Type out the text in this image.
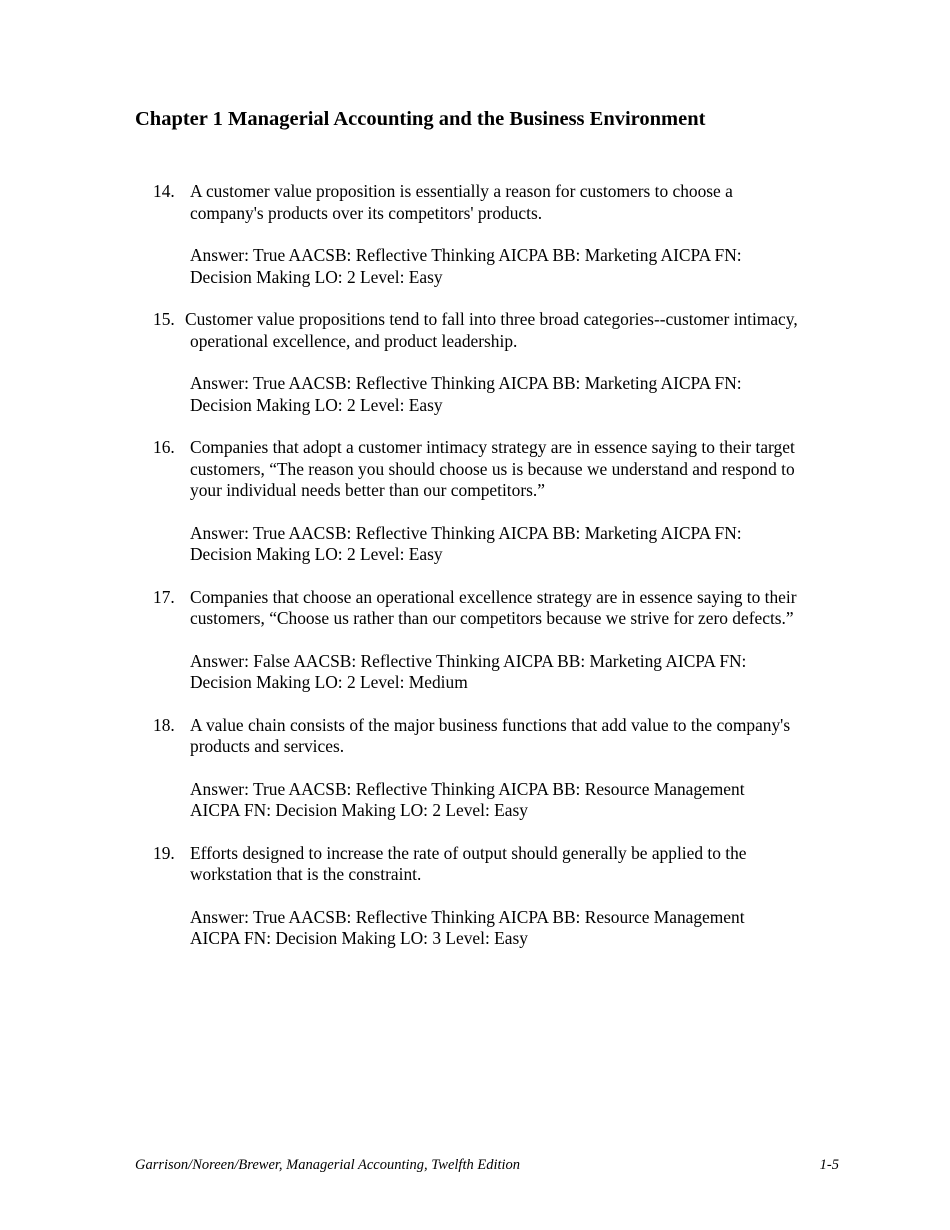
Chapter 1 Managerial Accounting and the Business Environment
14. A customer value proposition is essentially a reason for customers to choose a
company's products over its competitors' products.
Answer: True AACSB: Reflective Thinking AICPA BB: Marketing AICPA FN:
Decision Making LO: 2 Level: Easy
15. Customer value propositions tend to fall into three broad categories--customer intimacy,
operational excellence, and product leadership.
Answer: True AACSB: Reflective Thinking AICPA BB: Marketing AICPA FN:
Decision Making LO: 2 Level: Easy
16. Companies that adopt a customer intimacy strategy are in essence saying to their target
customers, “The reason you should choose us is because we understand and respond to
your individual needs better than our competitors.”
Answer: True AACSB: Reflective Thinking AICPA BB: Marketing AICPA FN:
Decision Making LO: 2 Level: Easy
17. Companies that choose an operational excellence strategy are in essence saying to their
customers, “Choose us rather than our competitors because we strive for zero defects.”
Answer: False AACSB: Reflective Thinking AICPA BB: Marketing AICPA FN:
Decision Making LO: 2 Level: Medium
18. A value chain consists of the major business functions that add value to the company's
products and services.
Answer: True AACSB: Reflective Thinking AICPA BB: Resource Management
AICPA FN: Decision Making LO: 2 Level: Easy
19. Efforts designed to increase the rate of output should generally be applied to the
workstation that is the constraint.
Answer: True AACSB: Reflective Thinking AICPA BB: Resource Management
AICPA FN: Decision Making LO: 3 Level: Easy
Garrison/Noreen/Brewer, Managerial Accounting, Twelfth Edition	1-5
